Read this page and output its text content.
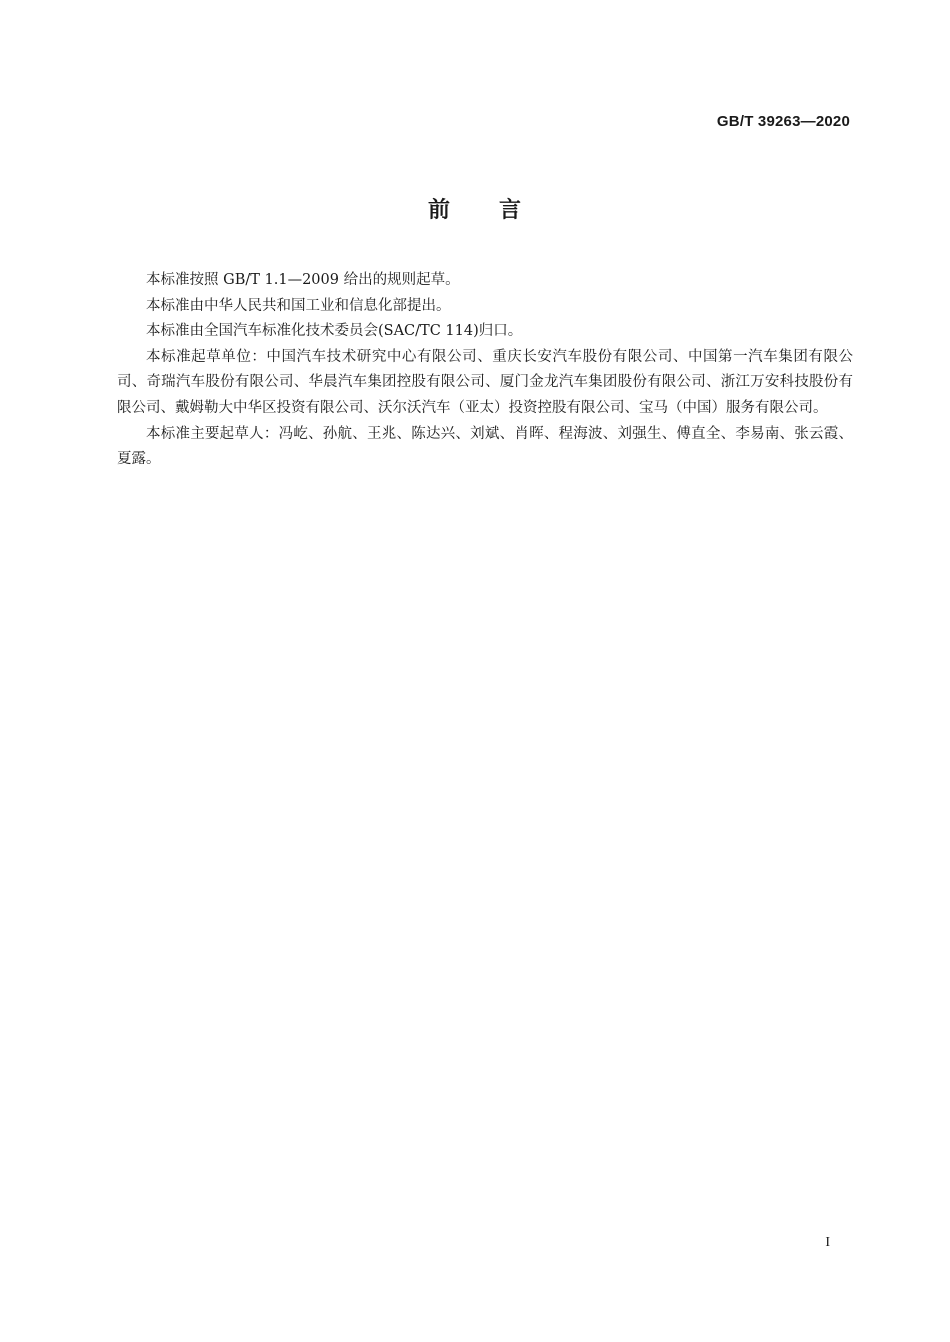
GB/T 39263—2020
前 言

本标准按照 GB/T 1.1—2009 给出的规则起草。

本标准由中华人民共和国工业和信息化部提出。

本标准由全国汽车标准化技术委员会(SAC/TC 114)归口。

本标准起草单位：中国汽车技术研究中心有限公司、重庆长安汽车股份有限公司、中国第一汽车集团有限公司、奇瑞汽车股份有限公司、华晨汽车集团控股有限公司、厦门金龙汽车集团股份有限公司、浙江万安科技股份有限公司、戴姆勒大中华区投资有限公司、沃尔沃汽车（亚太）投资控股有限公司、宝马（中国）服务有限公司。

本标准主要起草人：冯屹、孙航、王兆、陈达兴、刘斌、肖晖、程海波、刘强生、傅直全、李易南、张云霞、夏露。

I
